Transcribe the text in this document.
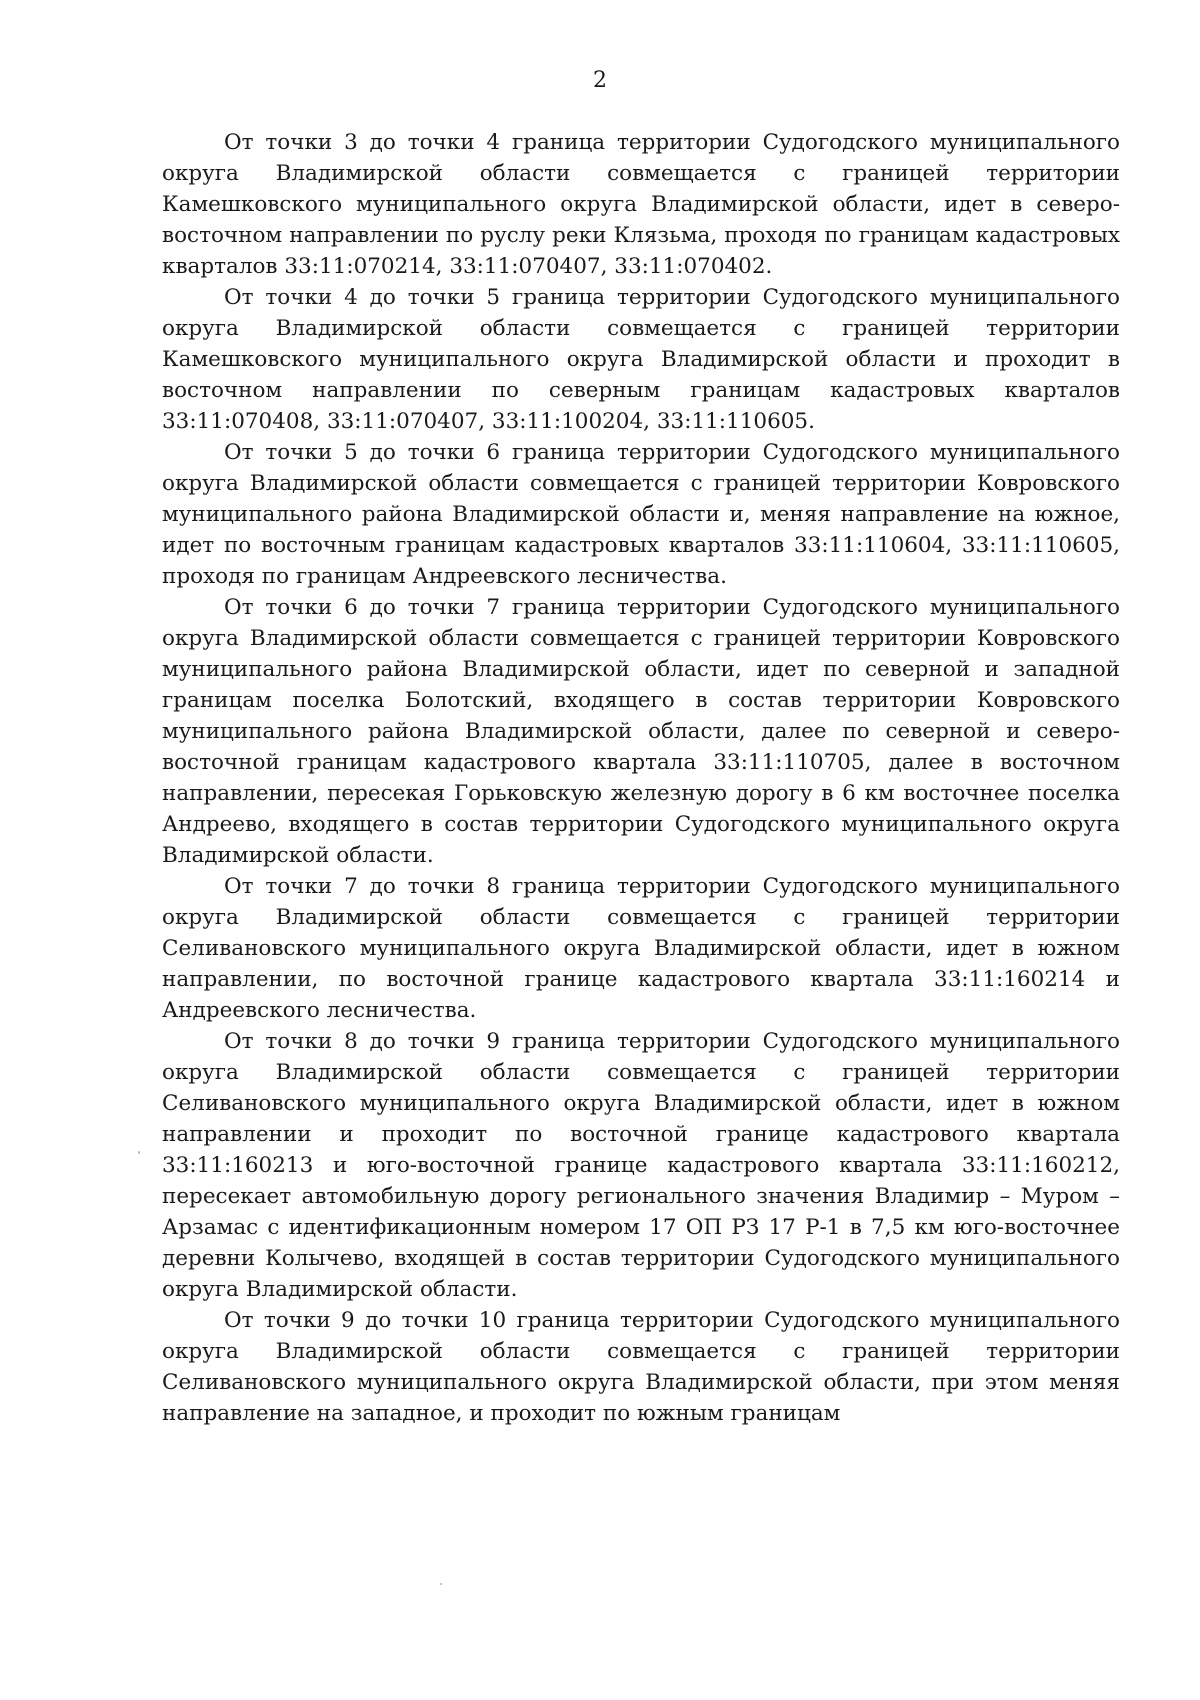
2

От точки 3 до точки 4 граница территории Судогодского муниципального округа Владимирской области совмещается с границей территории Камешковского муниципального округа Владимирской области, идет в северо-восточном направлении по руслу реки Клязьма, проходя по границам кадастровых кварталов 33:11:070214, 33:11:070407, 33:11:070402.

От точки 4 до точки 5 граница территории Судогодского муниципального округа Владимирской области совмещается с границей территории Камешковского муниципального округа Владимирской области и проходит в восточном направлении по северным границам кадастровых кварталов 33:11:070408, 33:11:070407, 33:11:100204, 33:11:110605.

От точки 5 до точки 6 граница территории Судогодского муниципального округа Владимирской области совмещается с границей территории Ковровского муниципального района Владимирской области и, меняя направление на южное, идет по восточным границам кадастровых кварталов 33:11:110604, 33:11:110605, проходя по границам Андреевского лесничества.

От точки 6 до точки 7 граница территории Судогодского муниципального округа Владимирской области совмещается с границей территории Ковровского муниципального района Владимирской области, идет по северной и западной границам поселка Болотский, входящего в состав территории Ковровского муниципального района Владимирской области, далее по северной и северо-восточной границам кадастрового квартала 33:11:110705, далее в восточном направлении, пересекая Горьковскую железную дорогу в 6 км восточнее поселка Андреево, входящего в состав территории Судогодского муниципального округа Владимирской области.

От точки 7 до точки 8 граница территории Судогодского муниципального округа Владимирской области совмещается с границей территории Селивановского муниципального округа Владимирской области, идет в южном направлении, по восточной границе кадастрового квартала 33:11:160214 и Андреевского лесничества.

От точки 8 до точки 9 граница территории Судогодского муниципального округа Владимирской области совмещается с границей территории Селивановского муниципального округа Владимирской области, идет в южном направлении и проходит по восточной границе кадастрового квартала 33:11:160213 и юго-восточной границе кадастрового квартала 33:11:160212, пересекает автомобильную дорогу регионального значения Владимир – Муром – Арзамас с идентификационным номером 17 ОП РЗ 17 Р-1 в 7,5 км юго-восточнее деревни Колычево, входящей в состав территории Судогодского муниципального округа Владимирской области.

От точки 9 до точки 10 граница территории Судогодского муниципального округа Владимирской области совмещается с границей территории Селивановского муниципального округа Владимирской области, при этом меняя направление на западное, и проходит по южным границам
